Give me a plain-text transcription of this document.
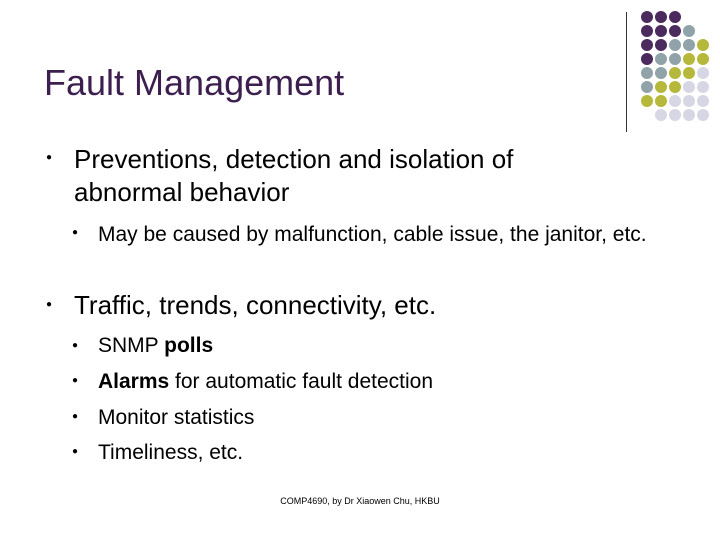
Fault Management
● Preventions, detection and isolation of abnormal behavior
● May be caused by malfunction, cable issue, the janitor, etc.
● Traffic, trends, connectivity, etc.
● SNMP polls
● Alarms for automatic fault detection
● Monitor statistics
● Timeliness, etc.
COMP4690, by Dr Xiaowen Chu, HKBU
